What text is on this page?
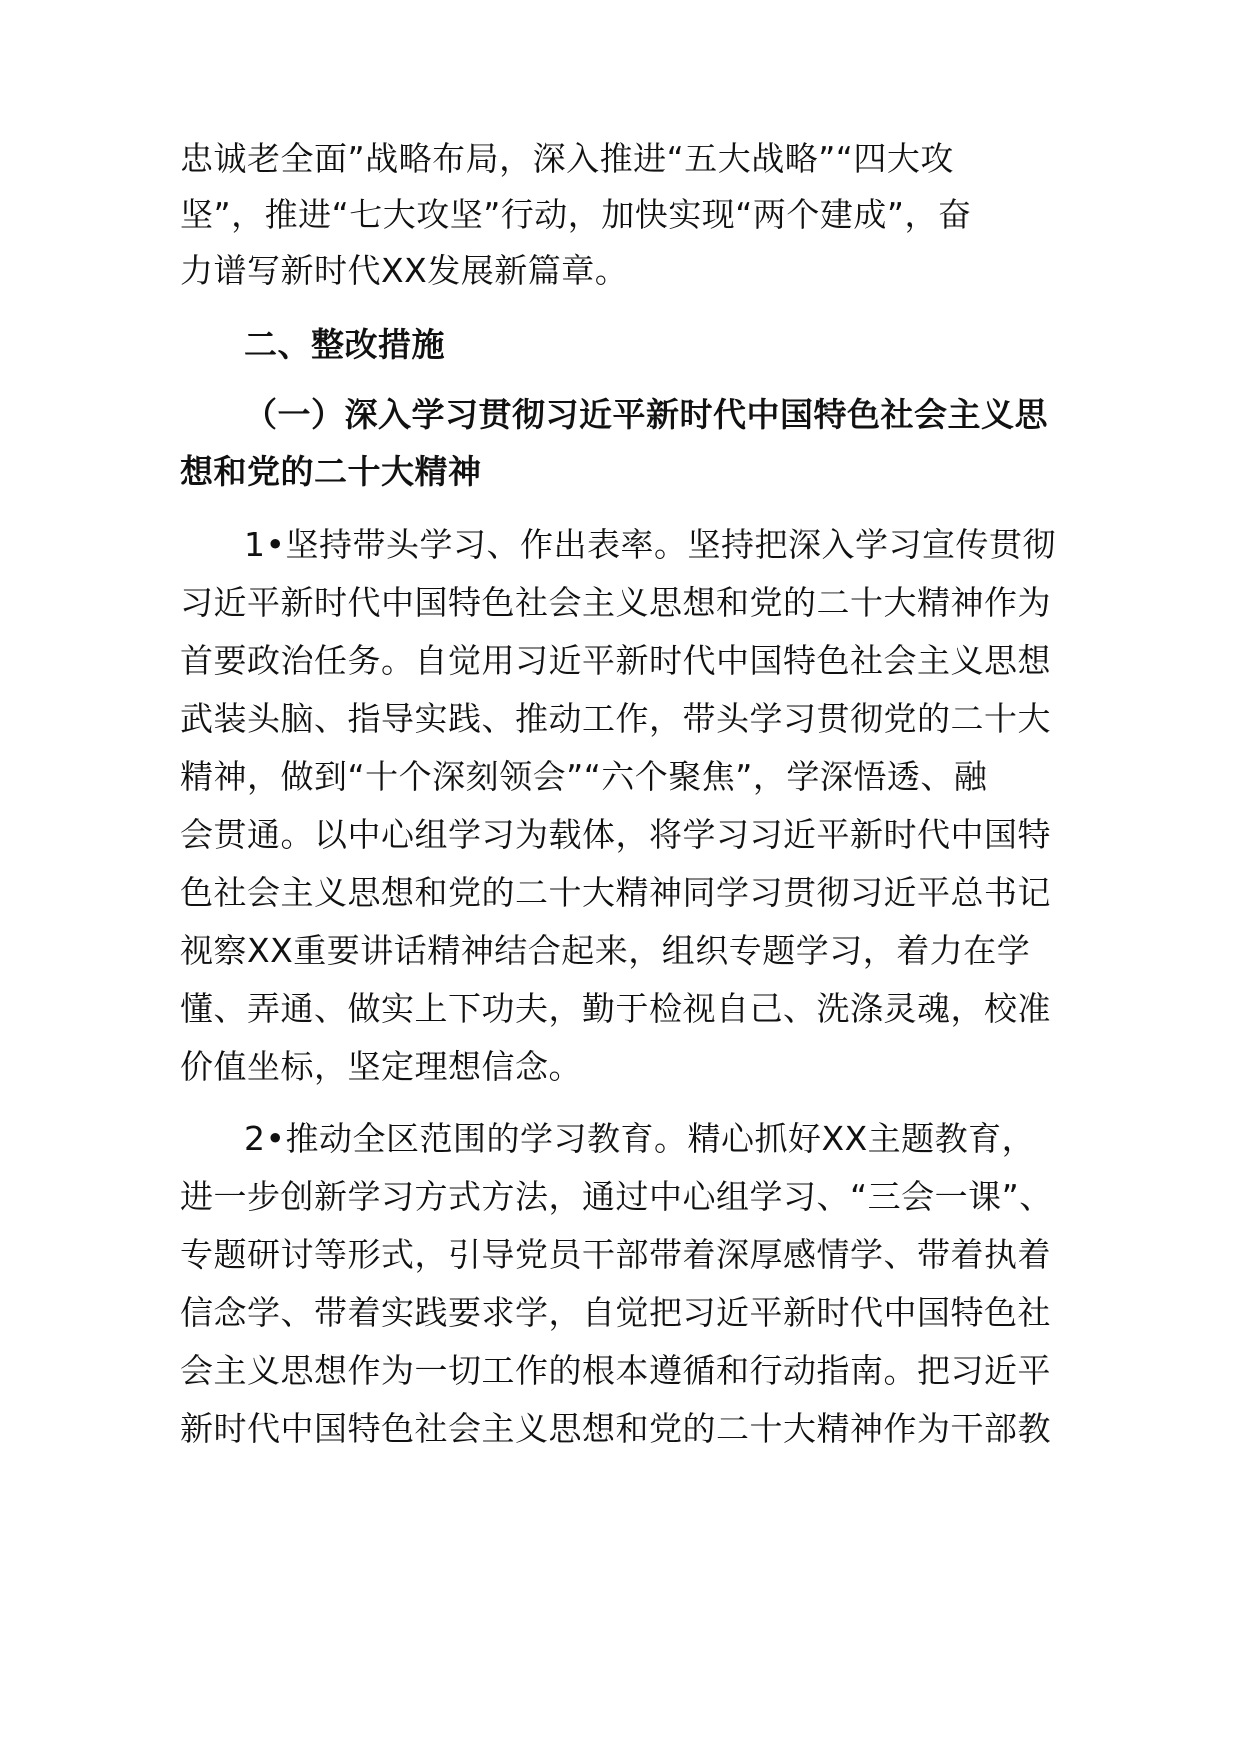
忠诚老全面”战略布局，深入推进“五大战略”“四大攻
坚”，推进“七大攻坚”行动，加快实现“两个建成”，奋
力谱写新时代XX发展新篇章。
二、整改措施
（一）深入学习贯彻习近平新时代中国特色社会主义思
想和党的二十大精神
1•坚持带头学习、作出表率。坚持把深入学习宣传贯彻
习近平新时代中国特色社会主义思想和党的二十大精神作为
首要政治任务。自觉用习近平新时代中国特色社会主义思想
武装头脑、指导实践、推动工作，带头学习贯彻党的二十大
精神，做到“十个深刻领会”“六个聚焦”，学深悟透、融
会贯通。以中心组学习为载体，将学习习近平新时代中国特
色社会主义思想和党的二十大精神同学习贯彻习近平总书记
视察XX重要讲话精神结合起来，组织专题学习，着力在学
懂、弄通、做实上下功夫，勤于检视自己、洗涤灵魂，校准
价值坐标，坚定理想信念。
2•推动全区范围的学习教育。精心抓好XX主题教育，
进一步创新学习方式方法，通过中心组学习、“三会一课”、
专题研讨等形式，引导党员干部带着深厚感情学、带着执着
信念学、带着实践要求学，自觉把习近平新时代中国特色社
会主义思想作为一切工作的根本遵循和行动指南。把习近平
新时代中国特色社会主义思想和党的二十大精神作为干部教
